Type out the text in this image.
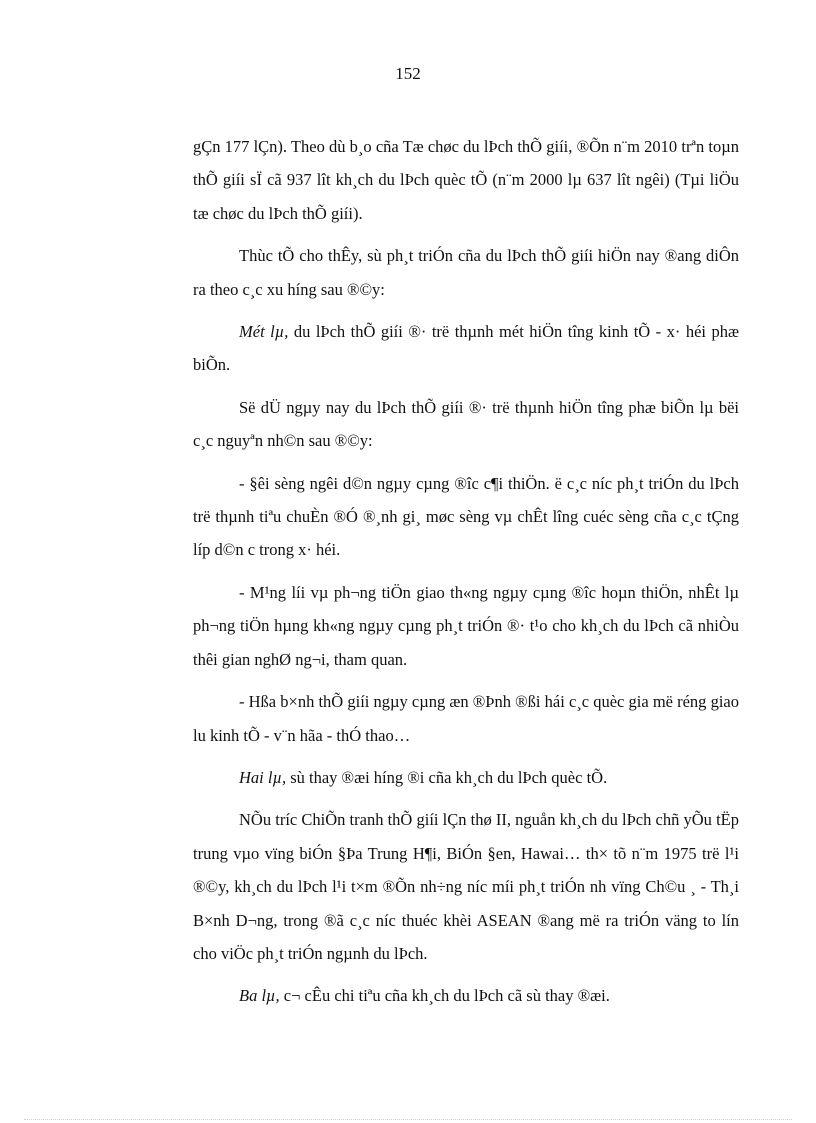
152

gÇn 177 lÇn). Theo dù b¸o cña Tæ chøc du lÞch thÕ giíi, ®Õn n¨m 2010 trªn toµn thÕ giíi sÏ cã 937 lît kh¸ch du lÞch quèc tÕ (n¨m 2000 lµ 637 lît ngêi) (Tµi liÖu tæ chøc du lÞch thÕ giíi).

Thùc tÕ cho thÊy, sù ph¸t triÓn cña du lÞch thÕ giíi hiÖn nay ®ang diÔn ra theo c¸c xu híng sau ®©y:

Mét lµ, du lÞch thÕ giíi ®· trë thµnh mét hiÖn tîng kinh tÕ - x· héi phæ biÕn.

Së dÜ ngµy nay du lÞch thÕ giíi ®· trë thµnh hiÖn tîng phæ biÕn lµ bëi c¸c nguyªn nh©n sau ®©y:

- §êi sèng ngêi d©n ngµy cµng ®îc c¶i thiÖn. ë c¸c níc ph¸t triÓn du lÞch trë thµnh tiªu chuÈn ®Ó ®¸nh gi¸ møc sèng vµ chÊt lîng cuéc sèng cña c¸c tÇng líp d©n c trong x· héi.

- M¹ng líi vµ ph¬ng tiÖn giao th«ng ngµy cµng ®îc hoµn thiÖn, nhÊt lµ ph¬ng tiÖn hµng kh«ng ngµy cµng ph¸t triÓn ®· t¹o cho kh¸ch du lÞch cã nhiÒu thêi gian nghØ ng¬i, tham quan.

- Hßa b×nh thÕ giíi ngµy cµng æn ®Þnh ®ßi hái c¸c quèc gia më réng giao lu kinh tÕ - v¨n hãa - thÓ thao…

Hai lµ, sù thay ®æi híng ®i cña kh¸ch du lÞch quèc tÕ.

NÕu tríc ChiÕn tranh thÕ giíi lÇn thø II, nguån kh¸ch du lÞch chñ yÕu tËp trung vµo vïng biÓn §Þa Trung H¶i, BiÓn §en, Hawai… th× tõ n¨m 1975 trë l¹i ®©y, kh¸ch du lÞch l¹i t×m ®Õn nh÷ng níc míi ph¸t triÓn nh vïng Ch©u ¸ - Th¸i B×nh D¬ng, trong ®ã c¸c níc thuéc khèi ASEAN ®ang më ra triÓn väng to lín cho viÖc ph¸t triÓn ngµnh du lÞch.

Ba lµ, c¬ cÊu chi tiªu cña kh¸ch du lÞch cã sù thay ®æi.
